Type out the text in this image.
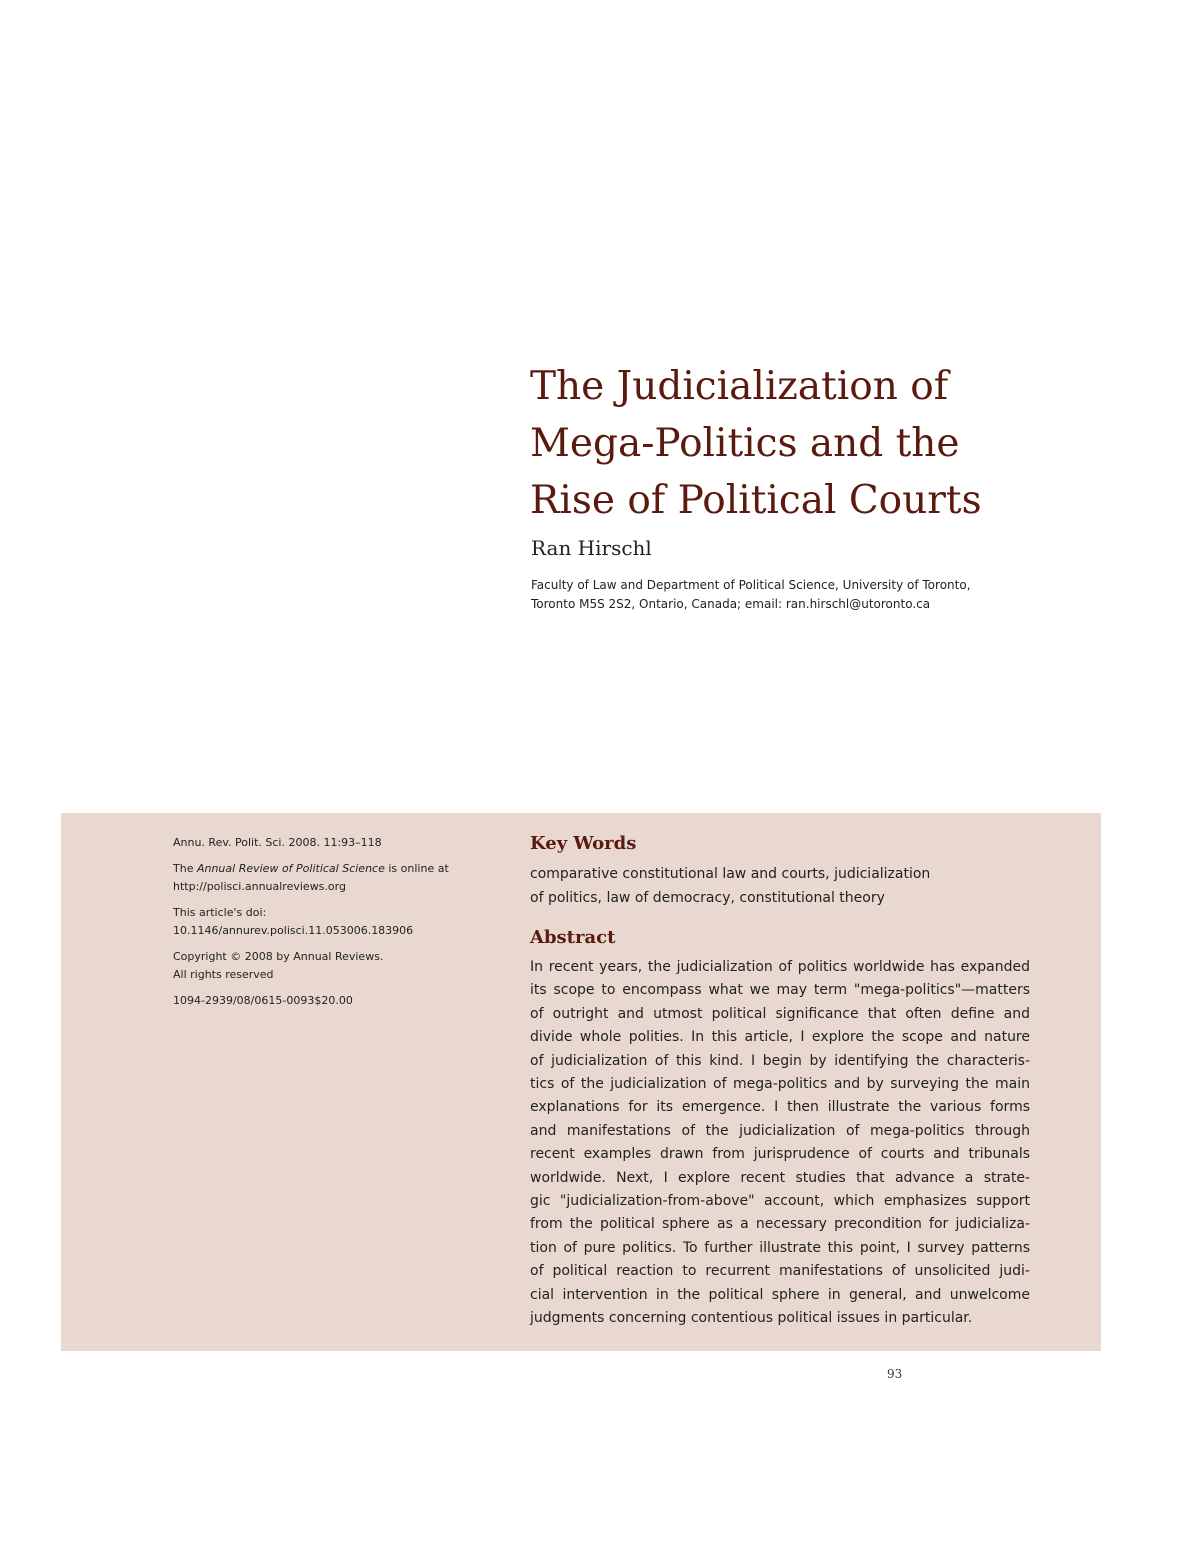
The Judicialization of
Mega-Politics and the
Rise of Political Courts
Ran Hirschl
Faculty of Law and Department of Political Science, University of Toronto,
Toronto M5S 2S2, Ontario, Canada; email: ran.hirschl@utoronto.ca

Annu. Rev. Polit. Sci. 2008. 11:93–118

The Annual Review of Political Science is online at
http://polisci.annualreviews.org

This article's doi:
10.1146/annurev.polisci.11.053006.183906

Copyright © 2008 by Annual Reviews.
All rights reserved

1094-2939/08/0615-0093$20.00

Key Words
comparative constitutional law and courts, judicialization
of politics, law of democracy, constitutional theory
Abstract
In recent years, the judicialization of politics worldwide has expanded
its scope to encompass what we may term "mega-politics"—matters
of outright and utmost political significance that often define and
divide whole polities. In this article, I explore the scope and nature
of judicialization of this kind. I begin by identifying the characteris-
tics of the judicialization of mega-politics and by surveying the main
explanations for its emergence. I then illustrate the various forms
and manifestations of the judicialization of mega-politics through
recent examples drawn from jurisprudence of courts and tribunals
worldwide. Next, I explore recent studies that advance a strate-
gic "judicialization-from-above" account, which emphasizes support
from the political sphere as a necessary precondition for judicializa-
tion of pure politics. To further illustrate this point, I survey patterns
of political reaction to recurrent manifestations of unsolicited judi-
cial intervention in the political sphere in general, and unwelcome
judgments concerning contentious political issues in particular.
93
